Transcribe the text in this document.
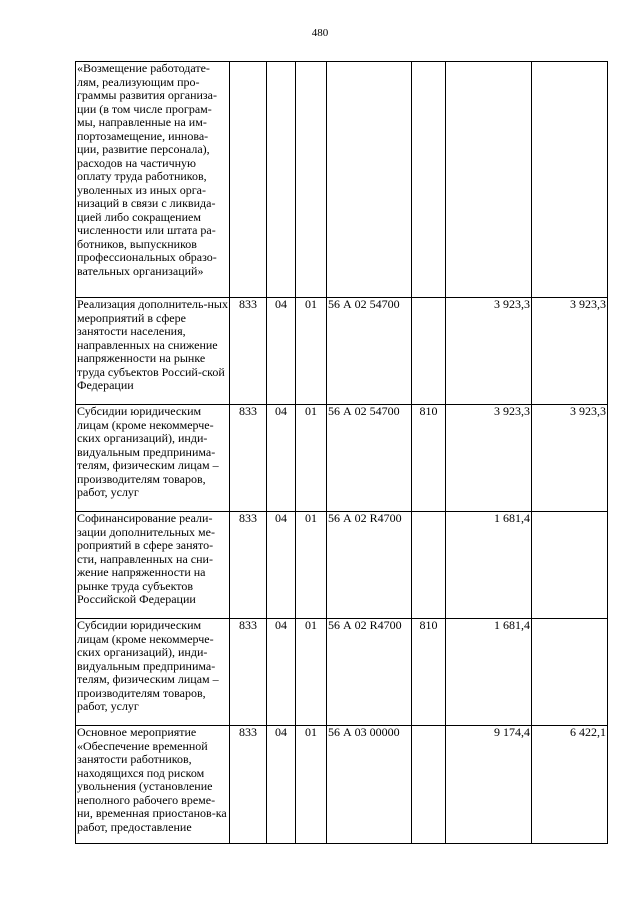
480
«Возмещение работодате-лям, реализующим про-граммы развития организа-ции (в том числе програм-мы, направленные на им-портозамещение, иннова-ции, развитие персонала), расходов на частичную оплату труда работников, уволенных из иных орга-низаций в связи с ликвида-цией либо сокращением численности или штата ра-ботников, выпускников профессиональных образо-вательных организаций»							
Реализация дополнитель-ных мероприятий в сфере занятости населения, направленных на снижение напряженности на рынке труда субъектов Россий-ской Федерации	833	04	01	56 А 02 54700		3 923,3	3 923,3
Субсидии юридическим лицам (кроме некоммерче-ских организаций), инди-видуальным предпринима-телям, физическим лицам – производителям товаров, работ, услуг	833	04	01	56 А 02 54700	810	3 923,3	3 923,3
Софинансирование реали-зации дополнительных ме-роприятий в сфере занято-сти, направленных на сни-жение напряженности на рынке труда субъектов Российской Федерации	833	04	01	56 А 02 R4700		1 681,4	
Субсидии юридическим лицам (кроме некоммерче-ских организаций), инди-видуальным предпринима-телям, физическим лицам – производителям товаров, работ, услуг	833	04	01	56 А 02 R4700	810	1 681,4	
Основное мероприятие «Обеспечение временной занятости работников, находящихся под риском увольнения (установление неполного рабочего време-ни, временная приостанов-ка работ, предоставление	833	04	01	56 А 03 00000		9 174,4	6 422,1
